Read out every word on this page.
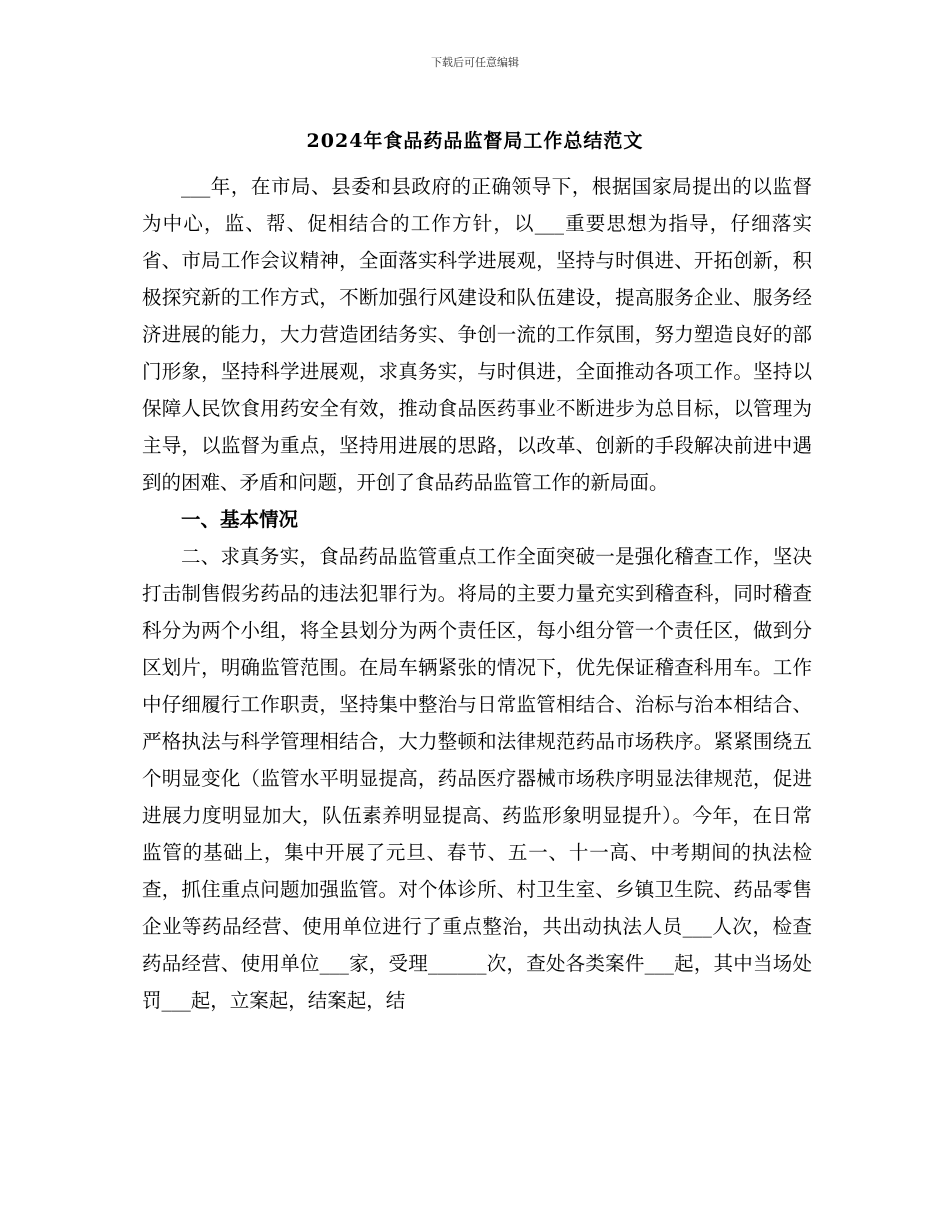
下载后可任意编辑
2024年食品药品监督局工作总结范文

___年，在市局、县委和县政府的正确领导下，根据国家局提出的以监督为中心，监、帮、促相结合的工作方针，以___重要思想为指导，仔细落实省、市局工作会议精神，全面落实科学进展观，坚持与时俱进、开拓创新，积极探究新的工作方式，不断加强行风建设和队伍建设，提高服务企业、服务经济进展的能力，大力营造团结务实、争创一流的工作氛围，努力塑造良好的部门形象，坚持科学进展观，求真务实，与时俱进，全面推动各项工作。坚持以保障人民饮食用药安全有效，推动食品医药事业不断进步为总目标，以管理为主导，以监督为重点，坚持用进展的思路，以改革、创新的手段解决前进中遇到的困难、矛盾和问题，开创了食品药品监管工作的新局面。

一、基本情况

二、求真务实，食品药品监管重点工作全面突破一是强化稽查工作，坚决打击制售假劣药品的违法犯罪行为。将局的主要力量充实到稽查科，同时稽查科分为两个小组，将全县划分为两个责任区，每小组分管一个责任区，做到分区划片，明确监管范围。在局车辆紧张的情况下，优先保证稽查科用车。工作中仔细履行工作职责，坚持集中整治与日常监管相结合、治标与治本相结合、严格执法与科学管理相结合，大力整顿和法律规范药品市场秩序。紧紧围绕五个明显变化（监管水平明显提高，药品医疗器械市场秩序明显法律规范，促进进展力度明显加大，队伍素养明显提高、药监形象明显提升）。今年，在日常监管的基础上，集中开展了元旦、春节、五一、十一高、中考期间的执法检查，抓住重点问题加强监管。对个体诊所、村卫生室、乡镇卫生院、药品零售企业等药品经营、使用单位进行了重点整治，共出动执法人员___人次，检查药品经营、使用单位___家，受理______次，查处各类案件___起，其中当场处罚___起，立案起，结案起，结
